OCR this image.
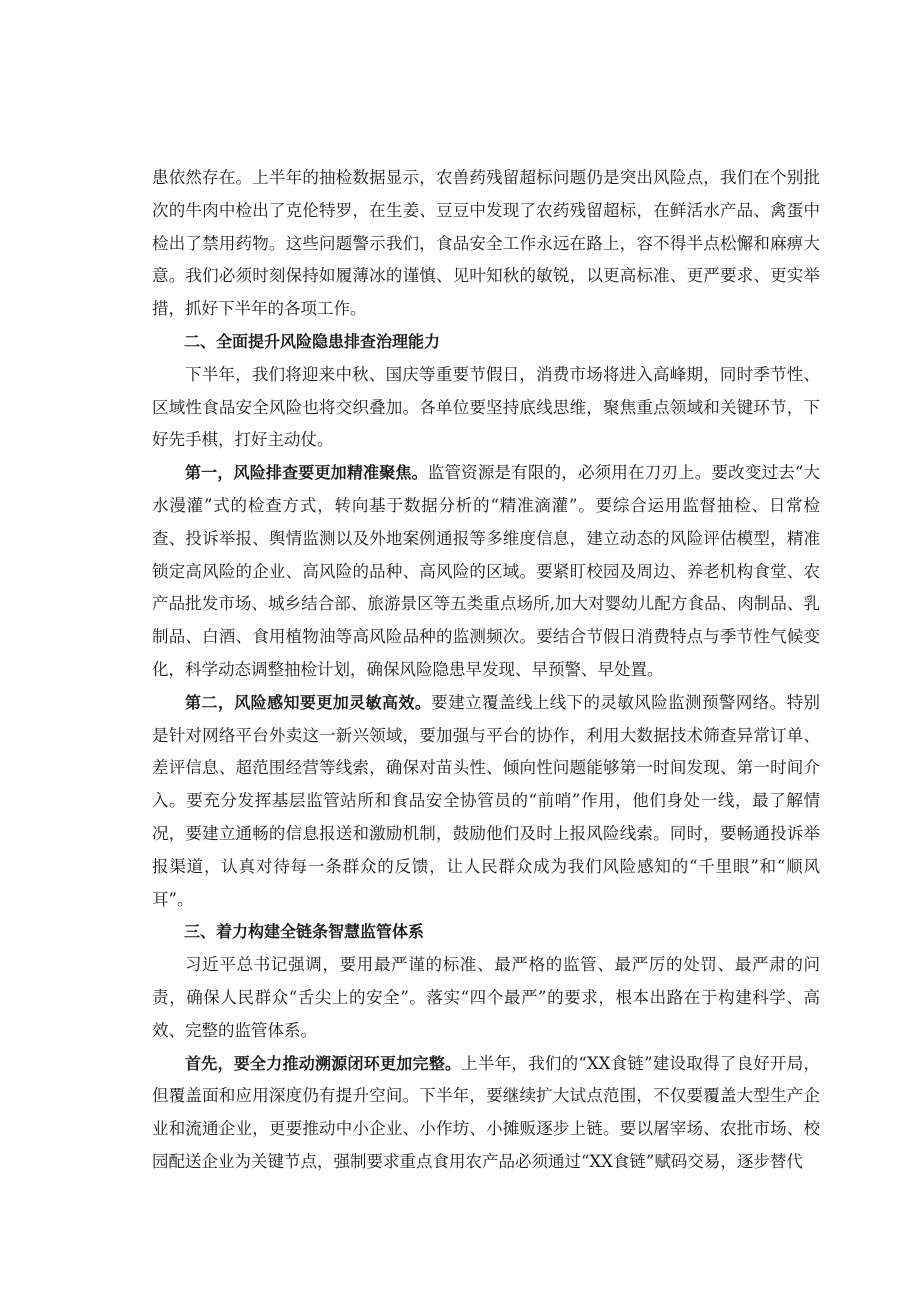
患依然存在。上半年的抽检数据显示，农兽药残留超标问题仍是突出风险点，我们在个别批次的牛肉中检出了克伦特罗，在生姜、豆豆中发现了农药残留超标，在鲜活水产品、禽蛋中检出了禁用药物。这些问题警示我们，食品安全工作永远在路上，容不得半点松懈和麻痹大意。我们必须时刻保持如履薄冰的谨慎、见叶知秋的敏锐，以更高标准、更严要求、更实举措，抓好下半年的各项工作。

二、全面提升风险隐患排查治理能力

下半年，我们将迎来中秋、国庆等重要节假日，消费市场将进入高峰期，同时季节性、区域性食品安全风险也将交织叠加。各单位要坚持底线思维，聚焦重点领域和关键环节，下好先手棋，打好主动仗。

第一，风险排查要更加精准聚焦。监管资源是有限的，必须用在刀刃上。要改变过去“大水漫灌”式的检查方式，转向基于数据分析的“精准滴灌”。要综合运用监督抽检、日常检查、投诉举报、舆情监测以及外地案例通报等多维度信息，建立动态的风险评估模型，精准锁定高风险的企业、高风险的品种、高风险的区域。要紧盯校园及周边、养老机构食堂、农产品批发市场、城乡结合部、旅游景区等五类重点场所,加大对婴幼儿配方食品、肉制品、乳制品、白酒、食用植物油等高风险品种的监测频次。要结合节假日消费特点与季节性气候变化，科学动态调整抽检计划，确保风险隐患早发现、早预警、早处置。

第二，风险感知要更加灵敏高效。要建立覆盖线上线下的灵敏风险监测预警网络。特别是针对网络平台外卖这一新兴领域，要加强与平台的协作，利用大数据技术筛查异常订单、差评信息、超范围经营等线索，确保对苗头性、倾向性问题能够第一时间发现、第一时间介入。要充分发挥基层监管站所和食品安全协管员的“前哨”作用，他们身处一线，最了解情况，要建立通畅的信息报送和激励机制，鼓励他们及时上报风险线索。同时，要畅通投诉举报渠道，认真对待每一条群众的反馈，让人民群众成为我们风险感知的“千里眼”和“顺风耳”。

三、着力构建全链条智慧监管体系

习近平总书记强调，要用最严谨的标准、最严格的监管、最严厉的处罚、最严肃的问责，确保人民群众“舌尖上的安全”。落实“四个最严”的要求，根本出路在于构建科学、高效、完整的监管体系。

首先，要全力推动溯源闭环更加完整。上半年，我们的“XX食链”建设取得了良好开局，但覆盖面和应用深度仍有提升空间。下半年，要继续扩大试点范围，不仅要覆盖大型生产企业和流通企业，更要推动中小企业、小作坊、小摊贩逐步上链。要以屠宰场、农批市场、校园配送企业为关键节点，强制要求重点食用农产品必须通过“XX食链”赋码交易，逐步替代
